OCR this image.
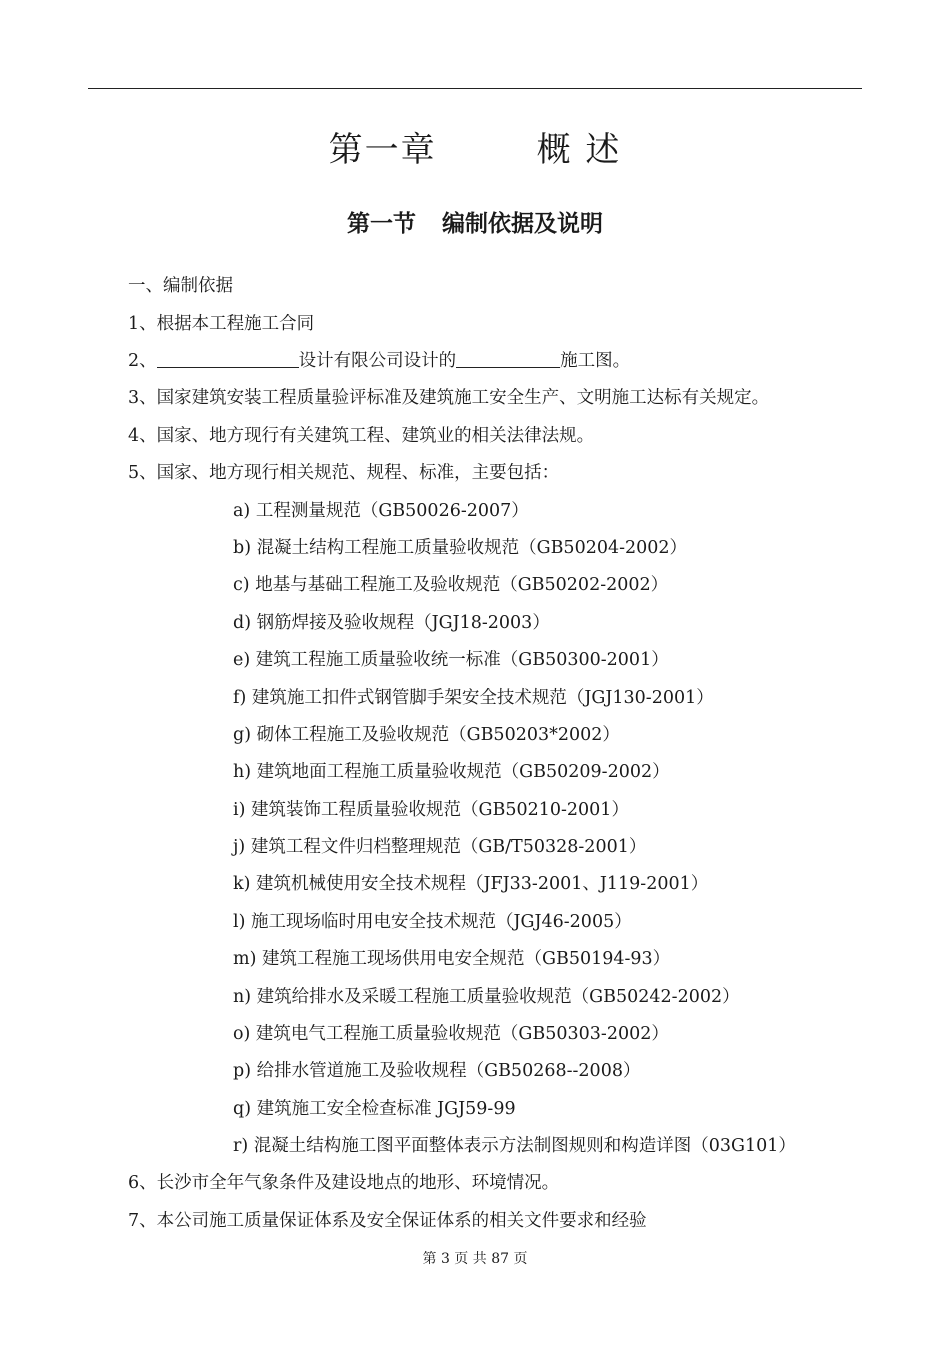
第一章	概 述
第一节 编制依据及说明
一、编制依据
1、根据本工程施工合同
2、	设计有限公司设计的	施工图。
3、国家建筑安装工程质量验评标准及建筑施工安全生产、文明施工达标有关规定。
4、国家、地方现行有关建筑工程、建筑业的相关法律法规。
5、国家、地方现行相关规范、规程、标准，主要包括：
a) 工程测量规范（GB50026-2007）
b) 混凝土结构工程施工质量验收规范（GB50204-2002）
c) 地基与基础工程施工及验收规范（GB50202-2002）
d) 钢筋焊接及验收规程（JGJ18-2003）
e) 建筑工程施工质量验收统一标准（GB50300-2001）
f) 建筑施工扣件式钢管脚手架安全技术规范（JGJ130-2001）
g) 砌体工程施工及验收规范（GB50203*2002）
h) 建筑地面工程施工质量验收规范（GB50209-2002）
i) 建筑装饰工程质量验收规范（GB50210-2001）
j) 建筑工程文件归档整理规范（GB/T50328-2001）
k) 建筑机械使用安全技术规程（JFJ33-2001、J119-2001）
l) 施工现场临时用电安全技术规范（JGJ46-2005）
m) 建筑工程施工现场供用电安全规范（GB50194-93）
n) 建筑给排水及采暖工程施工质量验收规范（GB50242-2002）
o) 建筑电气工程施工质量验收规范（GB50303-2002）
p) 给排水管道施工及验收规程（GB50268--2008）
q) 建筑施工安全检查标准 JGJ59-99
r) 混凝土结构施工图平面整体表示方法制图规则和构造详图（03G101）
6、长沙市全年气象条件及建设地点的地形、环境情况。
7、本公司施工质量保证体系及安全保证体系的相关文件要求和经验
第 3 页 共 87 页
